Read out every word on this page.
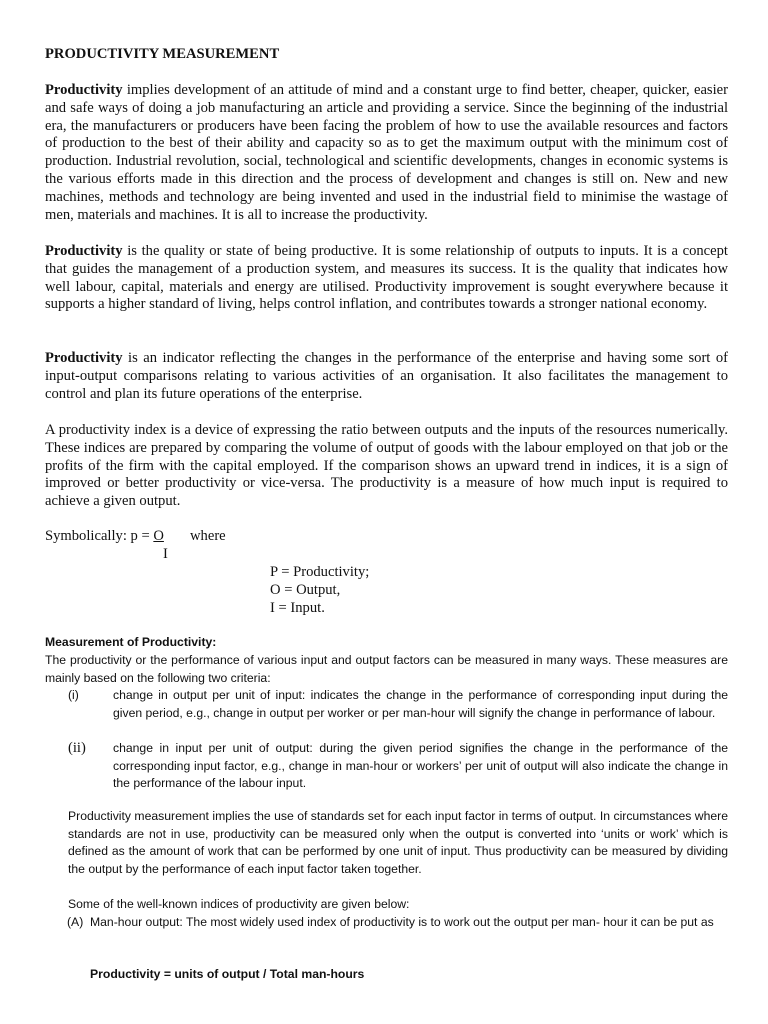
PRODUCTIVITY MEASUREMENT

Productivity implies development of an attitude of mind and a constant urge to find better, cheaper, quicker, easier and safe ways of doing a job manufacturing an article and providing a service. Since the beginning of the industrial era, the manufacturers or producers have been facing the problem of how to use the available resources and factors of production to the best of their ability and capacity so as to get the maximum output with the minimum cost of production. Industrial revolution, social, technological and scientific developments, changes in economic systems is the various efforts made in this direction and the process of development and changes is still on. New and new machines, methods and technology are being invented and used in the industrial field to minimise the wastage of men, materials and machines. It is all to increase the productivity.

Productivity is the quality or state of being productive. It is some relationship of outputs to inputs. It is a concept that guides the management of a production system, and measures its success. It is the quality that indicates how well labour, capital, materials and energy are utilised. Productivity improvement is sought everywhere because it supports a higher standard of living, helps control inflation, and contributes towards a stronger national economy.

Productivity is an indicator reflecting the changes in the performance of the enterprise and having some sort of input-output comparisons relating to various activities of an organisation. It also facilitates the management to control and plan its future operations of the enterprise.

A productivity index is a device of expressing the ratio between outputs and the inputs of the resources numerically. These indices are prepared by comparing the volume of output of goods with the labour employed on that job or the profits of the firm with the capital employed. If the comparison shows an upward trend in indices, it is a sign of improved or better productivity or vice-versa. The productivity is a measure of how much input is required to achieve a given output.

Symbolically: p = O where
I
P = Productivity;
O = Output,
I = Input.
Measurement of Productivity:

The productivity or the performance of various input and output factors can be measured in many ways. These measures are mainly based on the following two criteria:

(i)	change in output per unit of input: indicates the change in the performance of corresponding input during the given period, e.g., change in output per worker or per man-hour will signify the change in performance of labour.
(ii) change in input per unit of output: during the given period signifies the change in the performance of the corresponding input factor, e.g., change in man-hour or workers’ per unit of output will also indicate the change in the performance of the labour input.

Productivity measurement implies the use of standards set for each input factor in terms of output. In circumstances where standards are not in use, productivity can be measured only when the output is converted into ‘units or work’ which is defined as the amount of work that can be performed by one unit of input. Thus productivity can be measured by dividing the output by the performance of each input factor taken together.

Some of the well-known indices of productivity are given below:

(A) Man-hour output: The most widely used index of productivity is to work out the output per man- hour it can be put as
Productivity = units of output / Total man-hours
